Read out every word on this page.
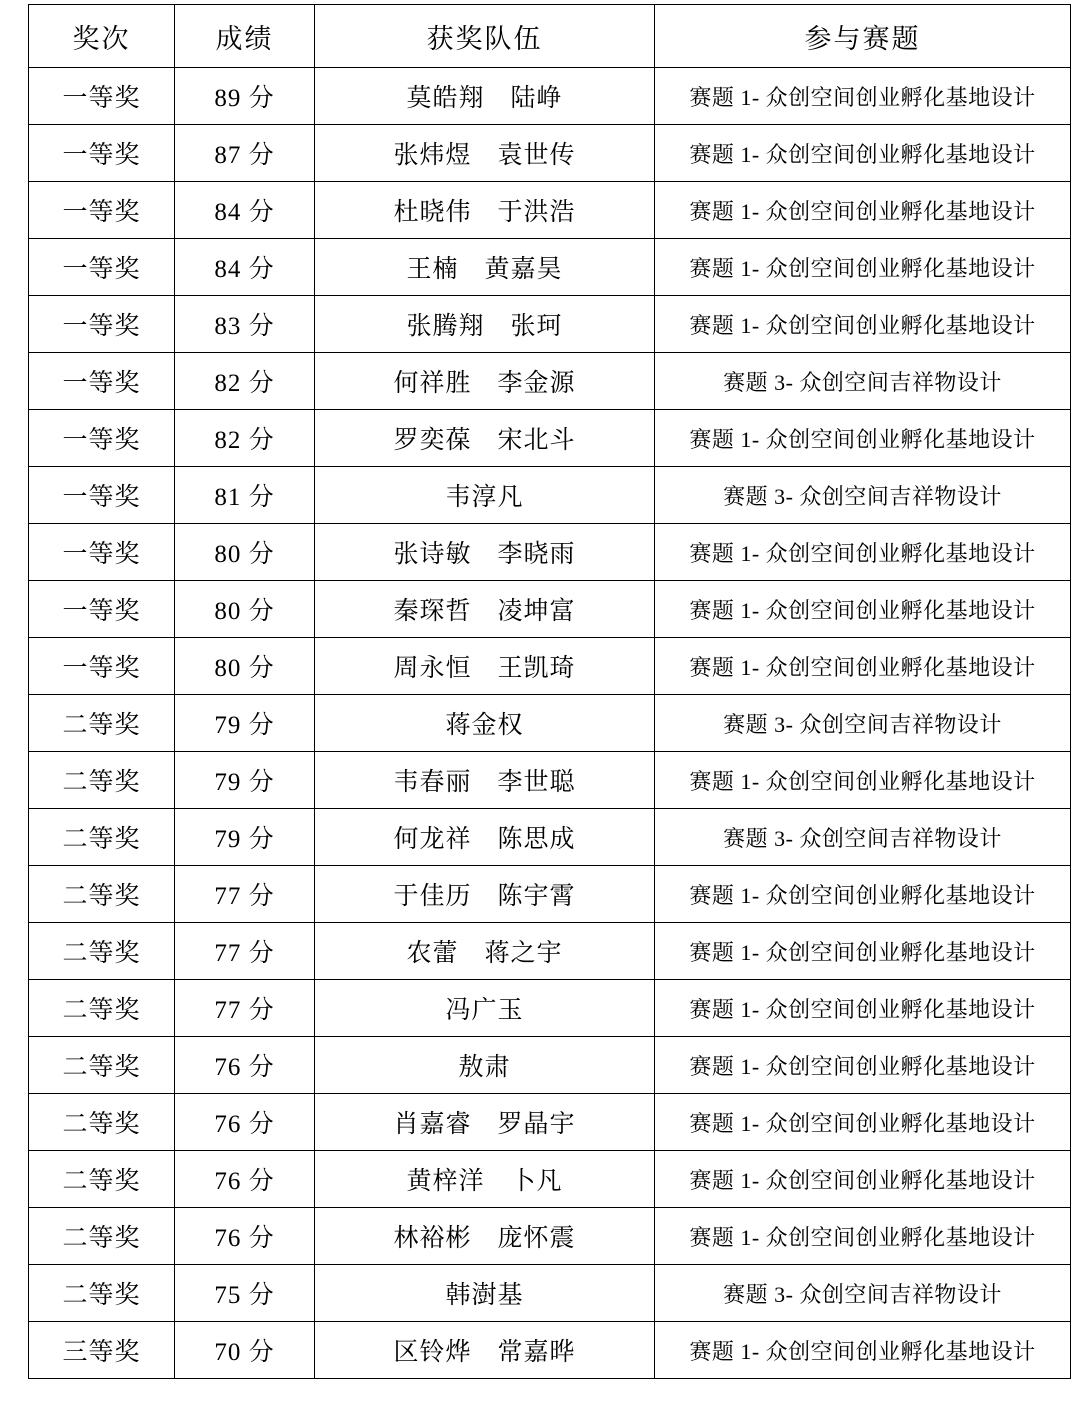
奖次	成绩	获奖队伍	参与赛题
一等奖	89 分	莫皓翔　陆峥	赛题 1- 众创空间创业孵化基地设计
一等奖	87 分	张炜煜　袁世传	赛题 1- 众创空间创业孵化基地设计
一等奖	84 分	杜晓伟　于洪浩	赛题 1- 众创空间创业孵化基地设计
一等奖	84 分	王楠　黄嘉昊	赛题 1- 众创空间创业孵化基地设计
一等奖	83 分	张腾翔　张珂	赛题 1- 众创空间创业孵化基地设计
一等奖	82 分	何祥胜　李金源	赛题 3- 众创空间吉祥物设计
一等奖	82 分	罗奕葆　宋北斗	赛题 1- 众创空间创业孵化基地设计
一等奖	81 分	韦淳凡	赛题 3- 众创空间吉祥物设计
一等奖	80 分	张诗敏　李晓雨	赛题 1- 众创空间创业孵化基地设计
一等奖	80 分	秦琛哲　凌坤富	赛题 1- 众创空间创业孵化基地设计
一等奖	80 分	周永恒　王凯琦	赛题 1- 众创空间创业孵化基地设计
二等奖	79 分	蒋金权	赛题 3- 众创空间吉祥物设计
二等奖	79 分	韦春丽　李世聪	赛题 1- 众创空间创业孵化基地设计
二等奖	79 分	何龙祥　陈思成	赛题 3- 众创空间吉祥物设计
二等奖	77 分	于佳历　陈宇霄	赛题 1- 众创空间创业孵化基地设计
二等奖	77 分	农蕾　蒋之宇	赛题 1- 众创空间创业孵化基地设计
二等奖	77 分	冯广玉	赛题 1- 众创空间创业孵化基地设计
二等奖	76 分	敖肃	赛题 1- 众创空间创业孵化基地设计
二等奖	76 分	肖嘉睿　罗晶宇	赛题 1- 众创空间创业孵化基地设计
二等奖	76 分	黄梓洋　卜凡	赛题 1- 众创空间创业孵化基地设计
二等奖	76 分	林裕彬　庞怀震	赛题 1- 众创空间创业孵化基地设计
二等奖	75 分	韩澍基	赛题 3- 众创空间吉祥物设计
三等奖	70 分	区铃烨　常嘉晔	赛题 1- 众创空间创业孵化基地设计
